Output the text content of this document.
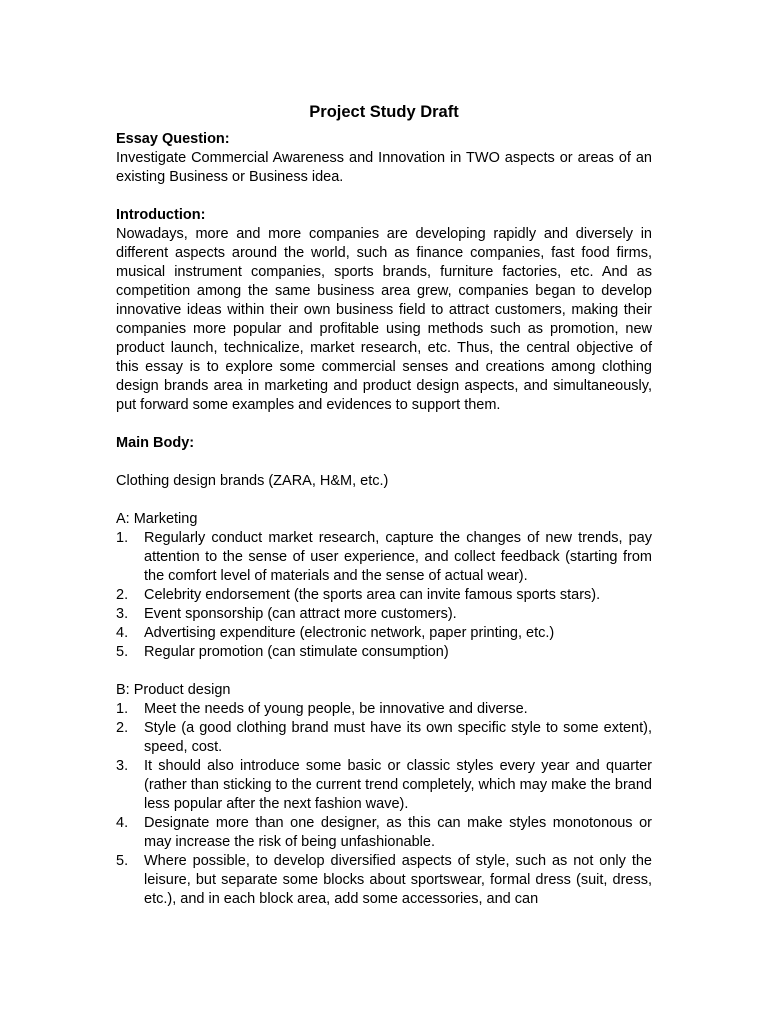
Project Study Draft

Essay Question:

Investigate Commercial Awareness and Innovation in TWO aspects or areas of an existing Business or Business idea.

Introduction:

Nowadays, more and more companies are developing rapidly and diversely in different aspects around the world, such as finance companies, fast food firms, musical instrument companies, sports brands, furniture factories, etc. And as competition among the same business area grew, companies began to develop innovative ideas within their own business field to attract customers, making their companies more popular and profitable using methods such as promotion, new product launch, technicalize, market research, etc. Thus, the central objective of this essay is to explore some commercial senses and creations among clothing design brands area in marketing and product design aspects, and simultaneously, put forward some examples and evidences to support them.

Main Body:

Clothing design brands (ZARA, H&M, etc.)

A: Marketing

1.	Regularly conduct market research, capture the changes of new trends, pay attention to the sense of user experience, and collect feedback (starting from the comfort level of materials and the sense of actual wear).
2.	Celebrity endorsement (the sports area can invite famous sports stars).
3.	Event sponsorship (can attract more customers).
4.	Advertising expenditure (electronic network, paper printing, etc.)
5.	Regular promotion (can stimulate consumption)

B: Product design

1.	Meet the needs of young people, be innovative and diverse.
2.	Style (a good clothing brand must have its own specific style to some extent), speed, cost.
3.	It should also introduce some basic or classic styles every year and quarter (rather than sticking to the current trend completely, which may make the brand less popular after the next fashion wave).
4.	Designate more than one designer, as this can make styles monotonous or may increase the risk of being unfashionable.
5.	Where possible, to develop diversified aspects of style, such as not only the leisure, but separate some blocks about sportswear, formal dress (suit, dress, etc.), and in each block area, add some accessories, and can
